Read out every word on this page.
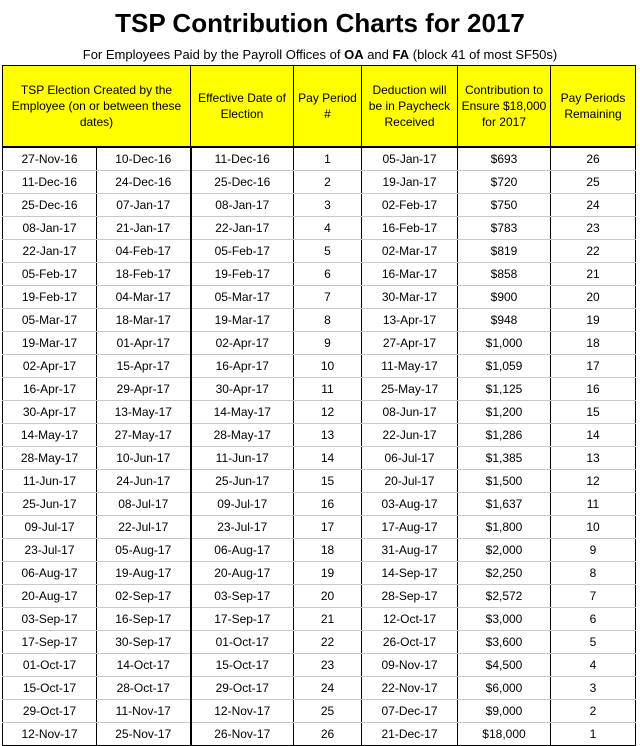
TSP Contribution Charts for 2017
For Employees Paid by the Payroll Offices of OA and FA (block 41 of most SF50s)
TSP Election Created by the Employee (on or between these dates)		Effective Date of Election	Pay Period #	Deduction will be in Paycheck Received	Contribution to Ensure $18,000 for 2017	Pay Periods Remaining
27-Nov-16	10-Dec-16	11-Dec-16	1	05-Jan-17	$693	26
11-Dec-16	24-Dec-16	25-Dec-16	2	19-Jan-17	$720	25
25-Dec-16	07-Jan-17	08-Jan-17	3	02-Feb-17	$750	24
08-Jan-17	21-Jan-17	22-Jan-17	4	16-Feb-17	$783	23
22-Jan-17	04-Feb-17	05-Feb-17	5	02-Mar-17	$819	22
05-Feb-17	18-Feb-17	19-Feb-17	6	16-Mar-17	$858	21
19-Feb-17	04-Mar-17	05-Mar-17	7	30-Mar-17	$900	20
05-Mar-17	18-Mar-17	19-Mar-17	8	13-Apr-17	$948	19
19-Mar-17	01-Apr-17	02-Apr-17	9	27-Apr-17	$1,000	18
02-Apr-17	15-Apr-17	16-Apr-17	10	11-May-17	$1,059	17
16-Apr-17	29-Apr-17	30-Apr-17	11	25-May-17	$1,125	16
30-Apr-17	13-May-17	14-May-17	12	08-Jun-17	$1,200	15
14-May-17	27-May-17	28-May-17	13	22-Jun-17	$1,286	14
28-May-17	10-Jun-17	11-Jun-17	14	06-Jul-17	$1,385	13
11-Jun-17	24-Jun-17	25-Jun-17	15	20-Jul-17	$1,500	12
25-Jun-17	08-Jul-17	09-Jul-17	16	03-Aug-17	$1,637	11
09-Jul-17	22-Jul-17	23-Jul-17	17	17-Aug-17	$1,800	10
23-Jul-17	05-Aug-17	06-Aug-17	18	31-Aug-17	$2,000	9
06-Aug-17	19-Aug-17	20-Aug-17	19	14-Sep-17	$2,250	8
20-Aug-17	02-Sep-17	03-Sep-17	20	28-Sep-17	$2,572	7
03-Sep-17	16-Sep-17	17-Sep-17	21	12-Oct-17	$3,000	6
17-Sep-17	30-Sep-17	01-Oct-17	22	26-Oct-17	$3,600	5
01-Oct-17	14-Oct-17	15-Oct-17	23	09-Nov-17	$4,500	4
15-Oct-17	28-Oct-17	29-Oct-17	24	22-Nov-17	$6,000	3
29-Oct-17	11-Nov-17	12-Nov-17	25	07-Dec-17	$9,000	2
12-Nov-17	25-Nov-17	26-Nov-17	26	21-Dec-17	$18,000	1
